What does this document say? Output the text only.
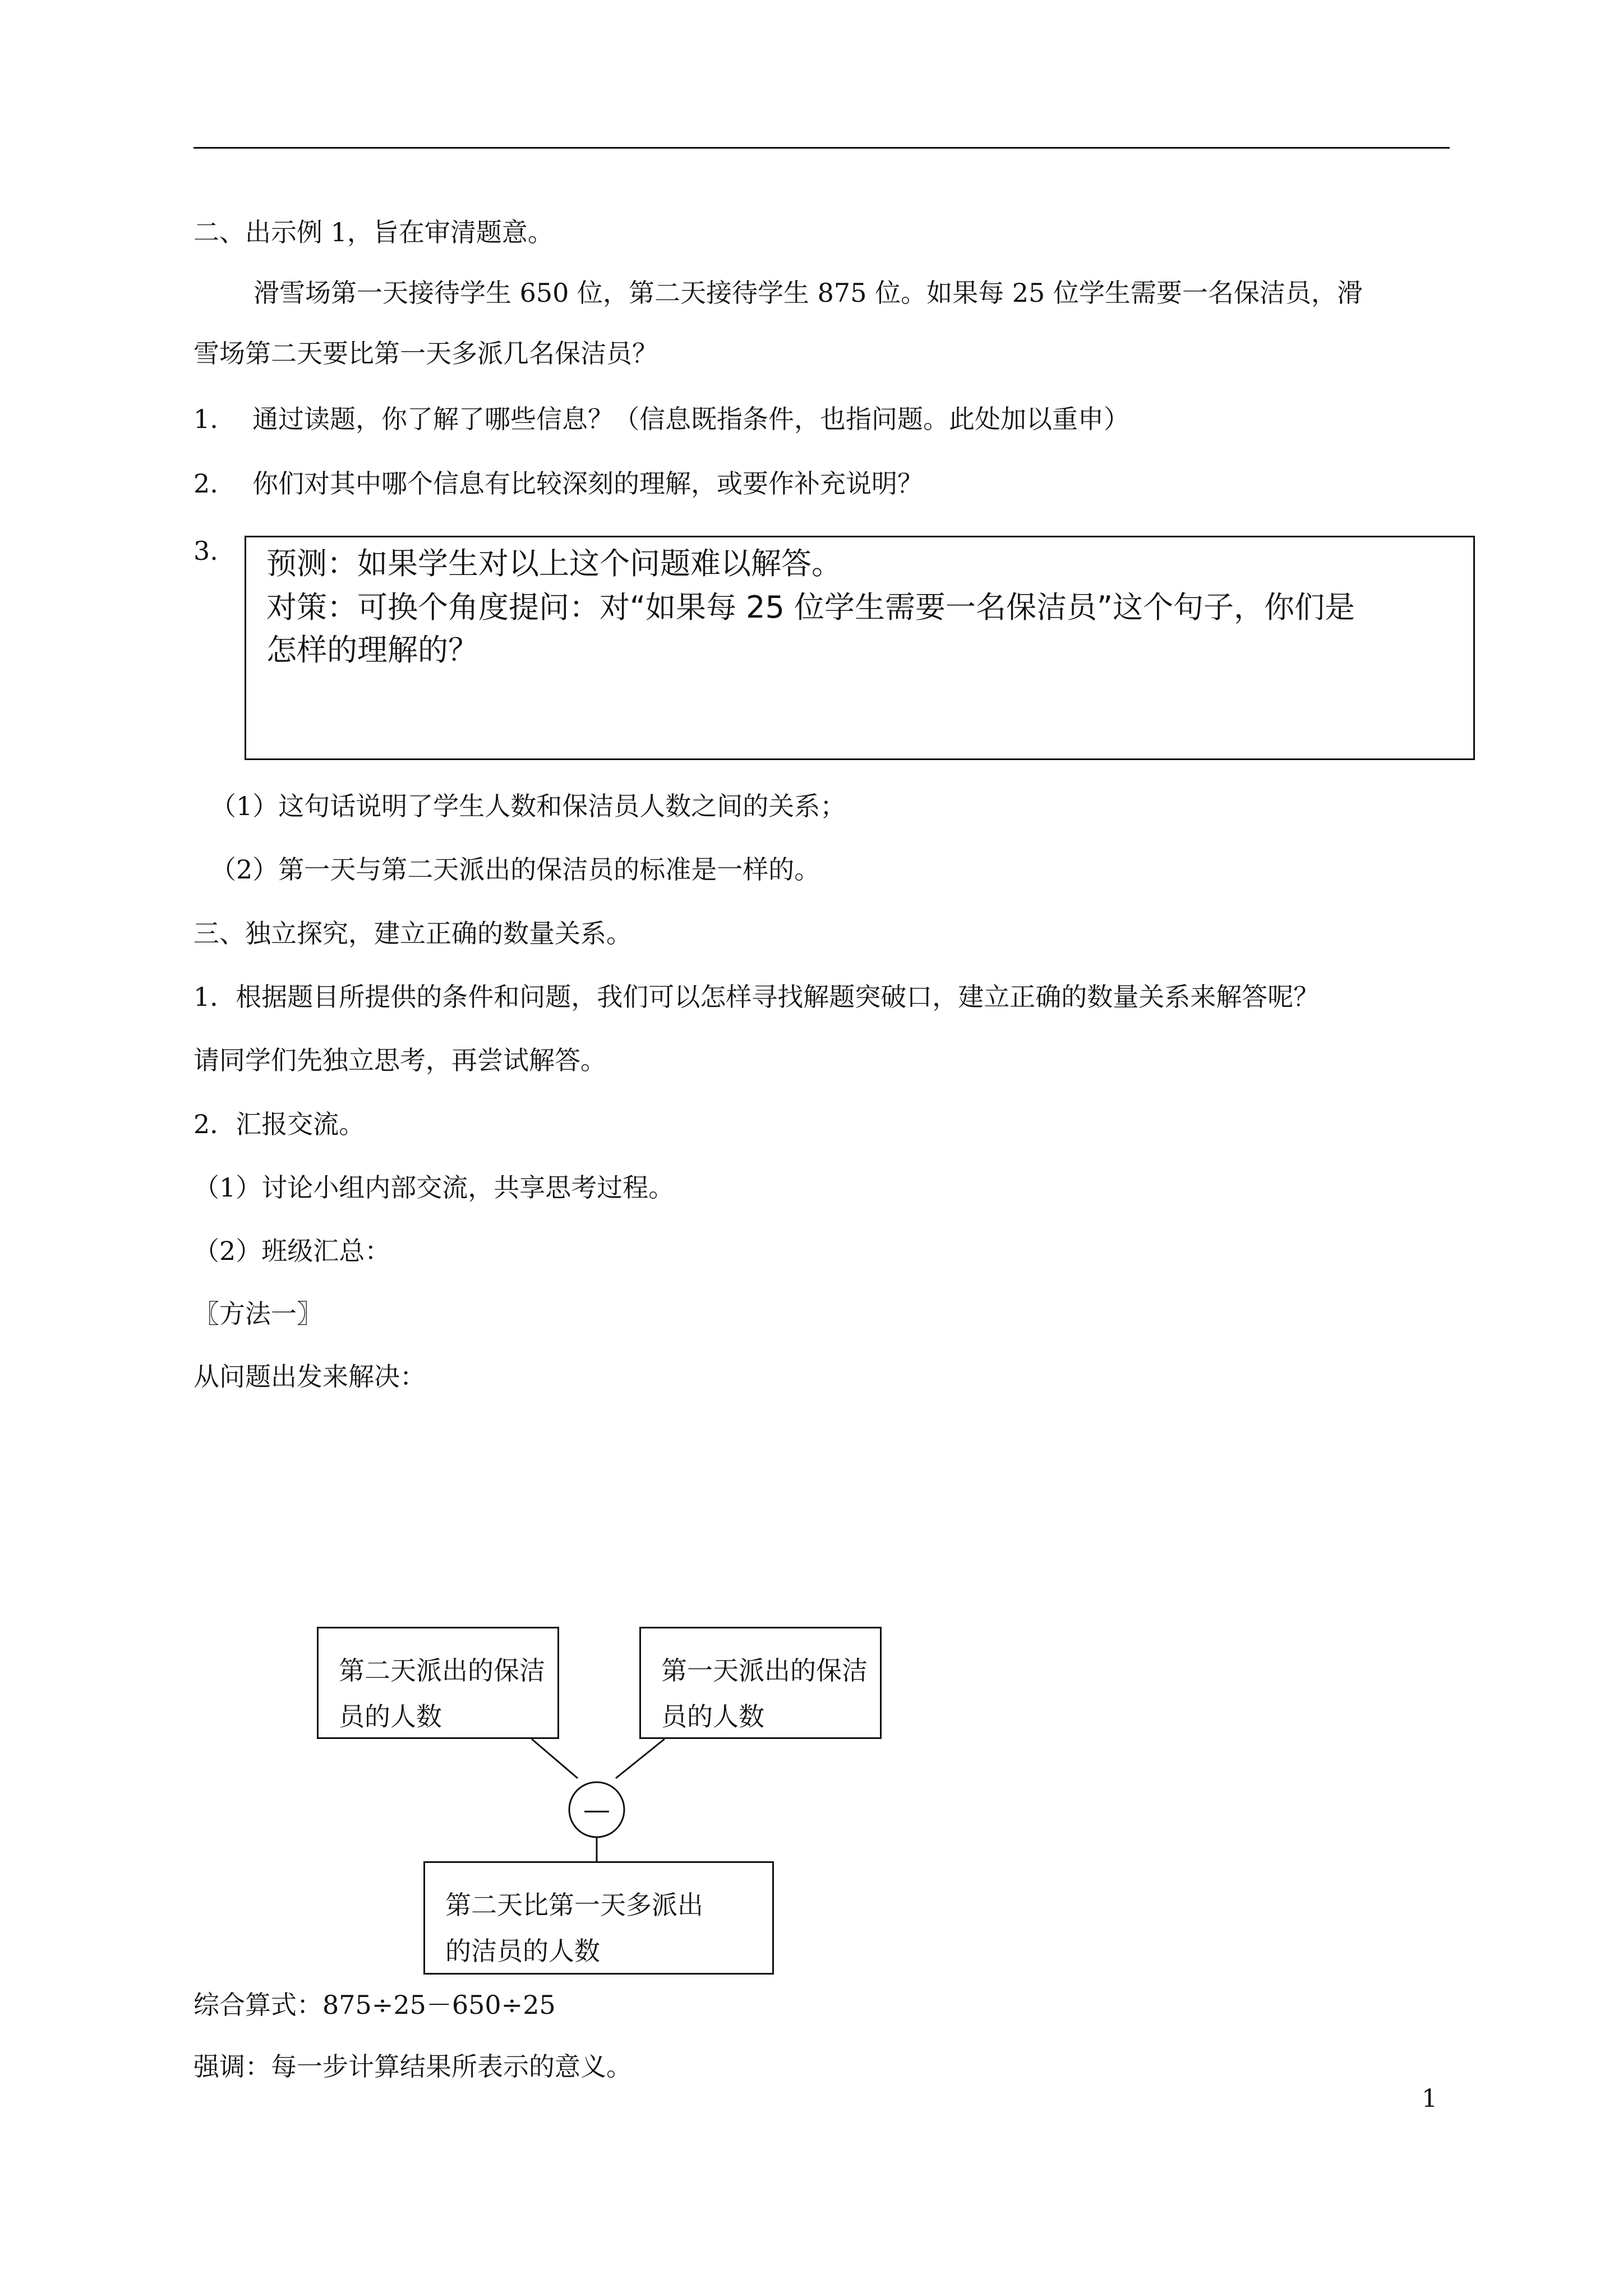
二、出示例 1，旨在审清题意。
滑雪场第一天接待学生 650 位，第二天接待学生 875 位。如果每 25 位学生需要一名保洁员，滑
雪场第二天要比第一天多派几名保洁员？
1. 通过读题，你了解了哪些信息？（信息既指条件，也指问题。此处加以重申）
2. 你们对其中哪个信息有比较深刻的理解，或要作补充说明？
3. 预测：如果学生对以上这个问题难以解答。
对策：可换个角度提问：对“如果每 25 位学生需要一名保洁员”这个句子，你们是
怎样的理解的？
（1）这句话说明了学生人数和保洁员人数之间的关系；
（2）第一天与第二天派出的保洁员的标准是一样的。
三、独立探究，建立正确的数量关系。
1．根据题目所提供的条件和问题，我们可以怎样寻找解题突破口，建立正确的数量关系来解答呢？
请同学们先独立思考，再尝试解答。
2．汇报交流。
（1）讨论小组内部交流，共享思考过程。
（2）班级汇总：
〖方法一〗
从问题出发来解决：
—
第二天派出的保洁员的人数
第一天派出的保洁员的人数
第二天比第一天多派出的洁员的人数
综合算式：875÷25－650÷25
强调：每一步计算结果所表示的意义。
1
